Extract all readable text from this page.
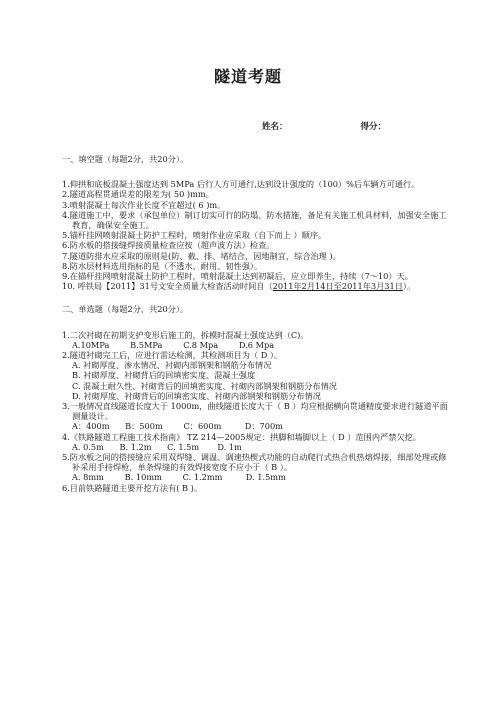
隧道考题
姓名：	得分：
一、填空题（每题2分，共20分）。
1.仰拱和底板混凝土强度达到 5MPa 后行人方可通行,达到设计强度的（100）%后车辆方可通行。
2.隧道高程贯通误差的限差为( 50 )mm。
3.喷射混凝土每次作业长度不宜超过( 6 )m。
4.隧道施工中，要求（承包单位）制订切实可行的防塌、防水措施，备足有关施工机具材料，加强安全施工教育，确保安全施工。
5.锚杆挂网喷射混凝土防护工程时，喷射作业应采取（自下而上 ）顺序。
6.防水板的搭接缝焊接质量检查应按（超声波方法）检查。
7.隧道防排水应采取的原则是(防、截、排、堵结合，因地制宜，综合治理 )。
8.防水层材料选用指标的是（不透水、耐用、韧性强）。
9.在锚杆挂网喷射混凝土防护工程时，喷射混凝土达到初凝后，应立即养生，持续（7～10）天。
10. 呼铁局【2011】31号文安全质量大检查活动时间自（2011年2月14日至2011年3月31日）。
二、单选题（每题2分，共20分）。
1.二次衬砌在初期支护变形后施工的，拆模时混凝土强度达到（C)。
A.10MPa        B.5MPa        C.8 Mpa        D.6 Mpa
2.隧道衬砌完工后，应进行雷达检测，其检测项目为（ D ）。
A. 衬砌厚度、渗水情况、衬砌内部钢架和钢筋分布情况
B. 衬砌厚度、衬砌背后的回填密实度、混凝土强度
C. 混凝土耐久性、衬砌背后的回填密实度、衬砌内部钢架和钢筋分布情况
D. 衬砌厚度、衬砌背后的回填密实度、衬砌内部钢架和钢筋分布情况
3.一般情况直线隧道长度大于 1000m，曲线隧道长度大于（ B ）均应根据横向贯通精度要求进行隧道平面测量设计。
A：400m      B：500m        C：600m         D：700m
4.《铁路隧道工程施工技术指南》 TZ 214—2005规定：拱脚和墙脚以上（ D ）范围内严禁欠挖。
A. 0.5m      B. 1.2m      C. 1.5m       D. 1m
5.防水板之间的搭接缝应采用双焊缝、调温、调速热楔式功能的自动爬行式热合机热熔焊接，细部处理或修补采用手持焊枪，单条焊缝的有效焊接宽度不应小于（ B ）。
A. 8mm        B. 10mm        C. 1.2mm         D. 1.5mm
6.目前铁路隧道主要开挖方法有( B )。
